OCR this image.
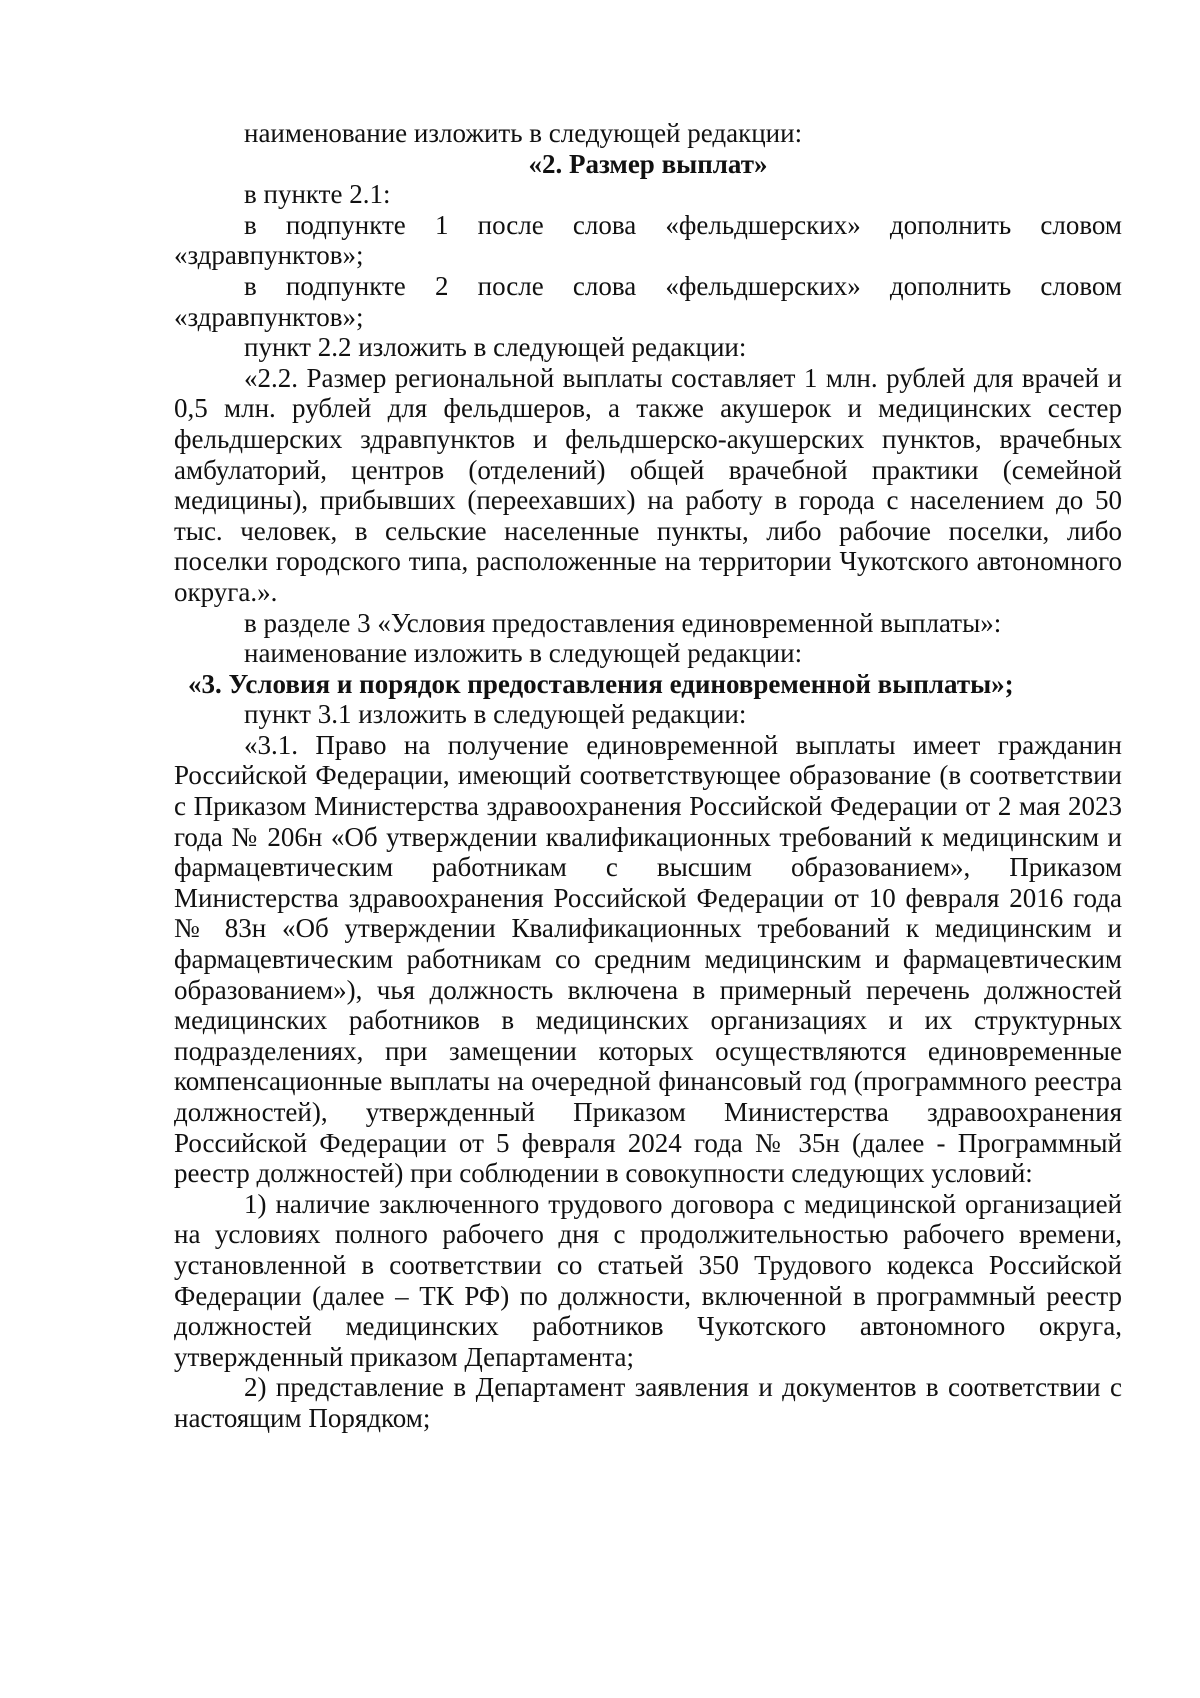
наименование изложить в следующей редакции:

«2. Размер выплат»

в пункте 2.1:

в подпункте 1 после слова «фельдшерских» дополнить словом «здравпунктов»;

в подпункте 2 после слова «фельдшерских» дополнить словом «здравпунктов»;

пункт 2.2 изложить в следующей редакции:

«2.2. Размер региональной выплаты составляет 1 млн. рублей для врачей и 0,5 млн. рублей для фельдшеров, а также акушерок и медицинских сестер фельдшерских здравпунктов и фельдшерско-акушерских пунктов, врачебных амбулаторий, центров (отделений) общей врачебной практики (семейной медицины), прибывших (переехавших) на работу в города с населением до 50 тыс. человек, в сельские населенные пункты, либо рабочие поселки, либо поселки городского типа, расположенные на территории Чукотского автономного округа.».

в разделе 3 «Условия предоставления единовременной выплаты»:

наименование изложить в следующей редакции:

«3. Условия и порядок предоставления единовременной выплаты»;

пункт 3.1 изложить в следующей редакции:

«3.1. Право на получение единовременной выплаты имеет гражданин Российской Федерации, имеющий соответствующее образование (в соответствии с Приказом Министерства здравоохранения Российской Федерации от 2 мая 2023 года № 206н «Об утверждении квалификационных требований к медицинским и фармацевтическим работникам с высшим образованием», Приказом Министерства здравоохранения Российской Федерации от 10 февраля 2016 года № 83н «Об утверждении Квалификационных требований к медицинским и фармацевтическим работникам со средним медицинским и фармацевтическим образованием»), чья должность включена в примерный перечень должностей медицинских работников в медицинских организациях и их структурных подразделениях, при замещении которых осуществляются единовременные компенсационные выплаты на очередной финансовый год (программного реестра должностей), утвержденный Приказом Министерства здравоохранения Российской Федерации от 5 февраля 2024 года № 35н (далее - Программный реестр должностей) при соблюдении в совокупности следующих условий:

1) наличие заключенного трудового договора с медицинской организацией на условиях полного рабочего дня с продолжительностью рабочего времени, установленной в соответствии со статьей 350 Трудового кодекса Российской Федерации (далее – ТК РФ) по должности, включенной в программный реестр должностей медицинских работников Чукотского автономного округа, утвержденный приказом Департамента;

2) представление в Департамент заявления и документов в соответствии с настоящим Порядком;
